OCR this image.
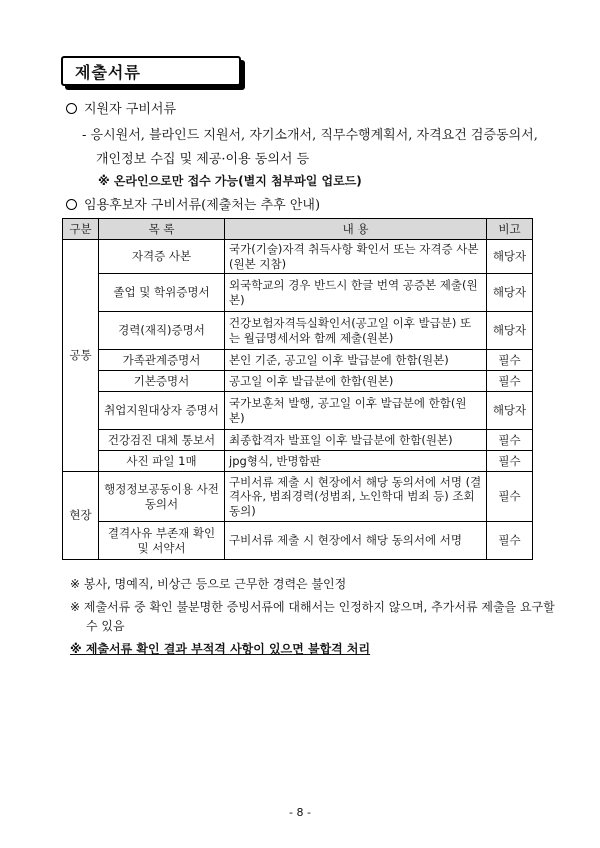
제출서류
지원자 구비서류
- 응시원서, 블라인드 지원서, 자기소개서, 직무수행계획서, 자격요건 검증동의서,
개인정보 수집 및 제공·이용 동의서 등
※ 온라인으로만 접수 가능(별지 첨부파일 업로드)
임용후보자 구비서류(제출처는 추후 안내)
구분	목 록	내 용	비고
공통	자격증 사본	국가(기술)자격 취득사항 확인서 또는 자격증 사본 (원본 지참)	해당자
	졸업 및 학위증명서	외국학교의 경우 반드시 한글 번역 공증본 제출(원본)	해당자
	경력(재직)증명서	건강보험자격득실확인서(공고일 이후 발급분) 또는 월급명세서와 함께 제출(원본)	해당자
	가족관계증명서	본인 기준, 공고일 이후 발급분에 한함(원본)	필수
	기본증명서	공고일 이후 발급분에 한함(원본)	필수
	취업지원대상자 증명서	국가보훈처 발행, 공고일 이후 발급분에 한함(원본)	해당자
	건강검진 대체 통보서	최종합격자 발표일 이후 발급분에 한함(원본)	필수
	사진 파일 1매	jpg형식, 반명함판	필수
현장	행정정보공동이용 사전동의서	구비서류 제출 시 현장에서 해당 동의서에 서명 (결격사유, 범죄경력(성범죄, 노인학대 범죄 등) 조회 동의)	필수
	결격사유 부존재 확인 및 서약서	구비서류 제출 시 현장에서 해당 동의서에 서명	필수
※ 봉사, 명예직, 비상근 등으로 근무한 경력은 불인정
※ 제출서류 중 확인 불분명한 증빙서류에 대해서는 인정하지 않으며, 추가서류 제출을 요구할
수 있음
※ 제출서류 확인 결과 부적격 사항이 있으면 불합격 처리
- 8 -
